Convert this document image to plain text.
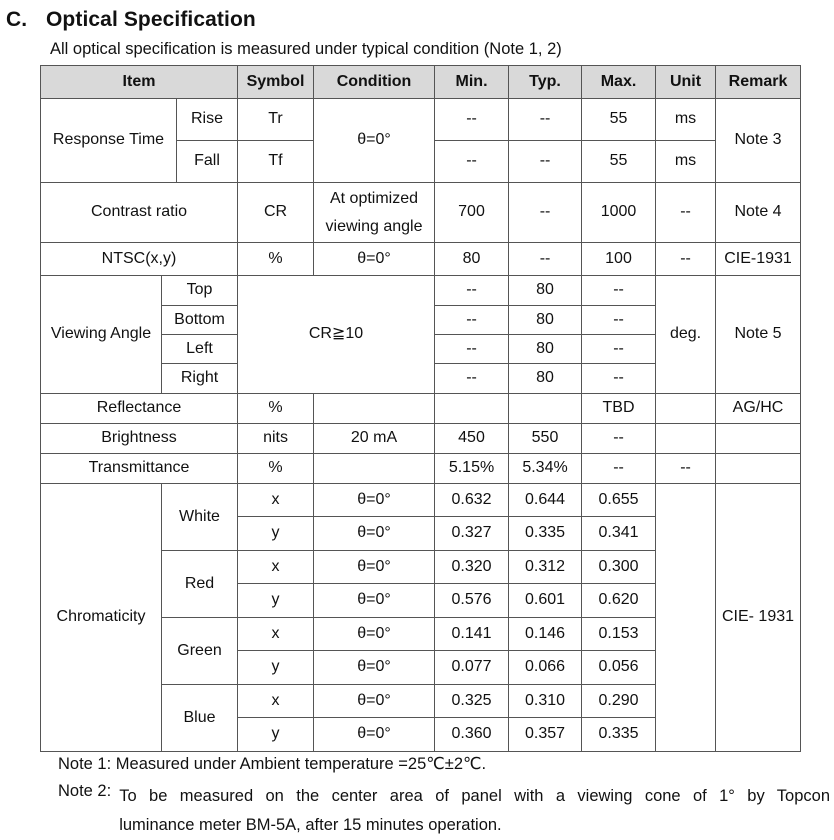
C. Optical Specification
All optical specification is measured under typical condition (Note 1, 2)
Item			Symbol	Condition	Min.	Typ.	Max.	Unit	Remark
Response Time		Rise	Tr	θ=0°	--	--	55	ms	Note 3
		Fall	Tf		--	--	55	ms	
Contrast ratio			CR	At optimized viewing angle	700	--	1000	--	Note 4
NTSC(x,y)			%	θ=0°	80	--	100	--	CIE-1931
Viewing Angle	Top		CR≧10		--	80	--	deg.	Note 5
	Bottom				--	80	--		
	Left				--	80	--		
	Right				--	80	--		
Reflectance			%				TBD		AG/HC
Brightness			nits	20 mA	450	550	--		
Transmittance			%		5.15%	5.34%	--	--	
Chromaticity	White		x	θ=0°	0.632	0.644	0.655		CIE- 1931
			y	θ=0°	0.327	0.335	0.341		
	Red		x	θ=0°	0.320	0.312	0.300		
			y	θ=0°	0.576	0.601	0.620		
	Green		x	θ=0°	0.141	0.146	0.153		
			y	θ=0°	0.077	0.066	0.056		
	Blue		x	θ=0°	0.325	0.310	0.290		
			y	θ=0°	0.360	0.357	0.335		
Note 1: Measured under Ambient temperature =25℃±2℃.
Note 2: To be measured on the center area of panel with a viewing cone of 1° by Topcon
luminance meter BM-5A, after 15 minutes operation.
